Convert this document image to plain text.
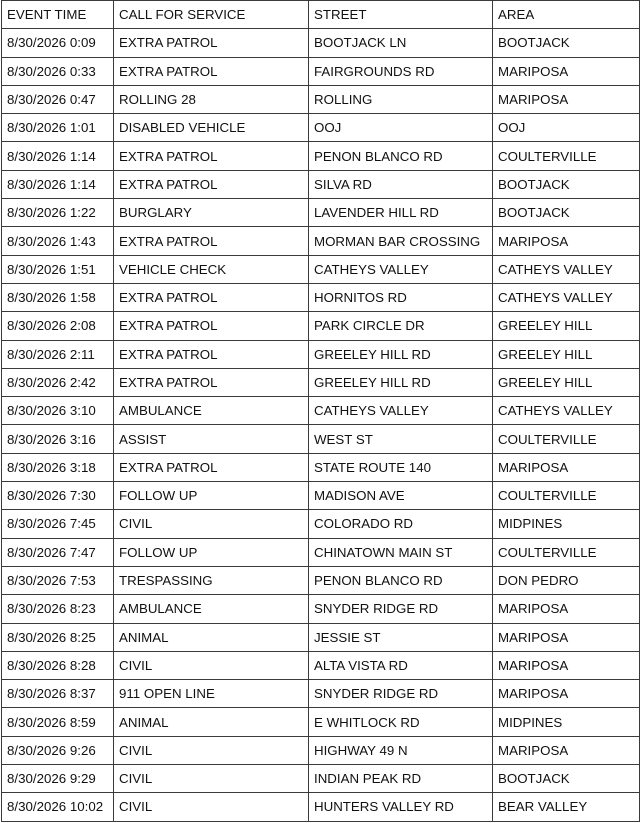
EVENT TIME	CALL FOR SERVICE	STREET	AREA
8/30/2026 0:09	EXTRA PATROL	BOOTJACK LN	BOOTJACK
8/30/2026 0:33	EXTRA PATROL	FAIRGROUNDS RD	MARIPOSA
8/30/2026 0:47	ROLLING 28	ROLLING	MARIPOSA
8/30/2026 1:01	DISABLED VEHICLE	OOJ	OOJ
8/30/2026 1:14	EXTRA PATROL	PENON BLANCO RD	COULTERVILLE
8/30/2026 1:14	EXTRA PATROL	SILVA RD	BOOTJACK
8/30/2026 1:22	BURGLARY	LAVENDER HILL RD	BOOTJACK
8/30/2026 1:43	EXTRA PATROL	MORMAN BAR CROSSING	MARIPOSA
8/30/2026 1:51	VEHICLE CHECK	CATHEYS VALLEY	CATHEYS VALLEY
8/30/2026 1:58	EXTRA PATROL	HORNITOS RD	CATHEYS VALLEY
8/30/2026 2:08	EXTRA PATROL	PARK CIRCLE DR	GREELEY HILL
8/30/2026 2:11	EXTRA PATROL	GREELEY HILL RD	GREELEY HILL
8/30/2026 2:42	EXTRA PATROL	GREELEY HILL RD	GREELEY HILL
8/30/2026 3:10	AMBULANCE	CATHEYS VALLEY	CATHEYS VALLEY
8/30/2026 3:16	ASSIST	WEST ST	COULTERVILLE
8/30/2026 3:18	EXTRA PATROL	STATE ROUTE 140	MARIPOSA
8/30/2026 7:30	FOLLOW UP	MADISON AVE	COULTERVILLE
8/30/2026 7:45	CIVIL	COLORADO RD	MIDPINES
8/30/2026 7:47	FOLLOW UP	CHINATOWN MAIN ST	COULTERVILLE
8/30/2026 7:53	TRESPASSING	PENON BLANCO RD	DON PEDRO
8/30/2026 8:23	AMBULANCE	SNYDER RIDGE RD	MARIPOSA
8/30/2026 8:25	ANIMAL	JESSIE ST	MARIPOSA
8/30/2026 8:28	CIVIL	ALTA VISTA RD	MARIPOSA
8/30/2026 8:37	911 OPEN LINE	SNYDER RIDGE RD	MARIPOSA
8/30/2026 8:59	ANIMAL	E WHITLOCK RD	MIDPINES
8/30/2026 9:26	CIVIL	HIGHWAY 49 N	MARIPOSA
8/30/2026 9:29	CIVIL	INDIAN PEAK RD	BOOTJACK
8/30/2026 10:02	CIVIL	HUNTERS VALLEY RD	BEAR VALLEY
